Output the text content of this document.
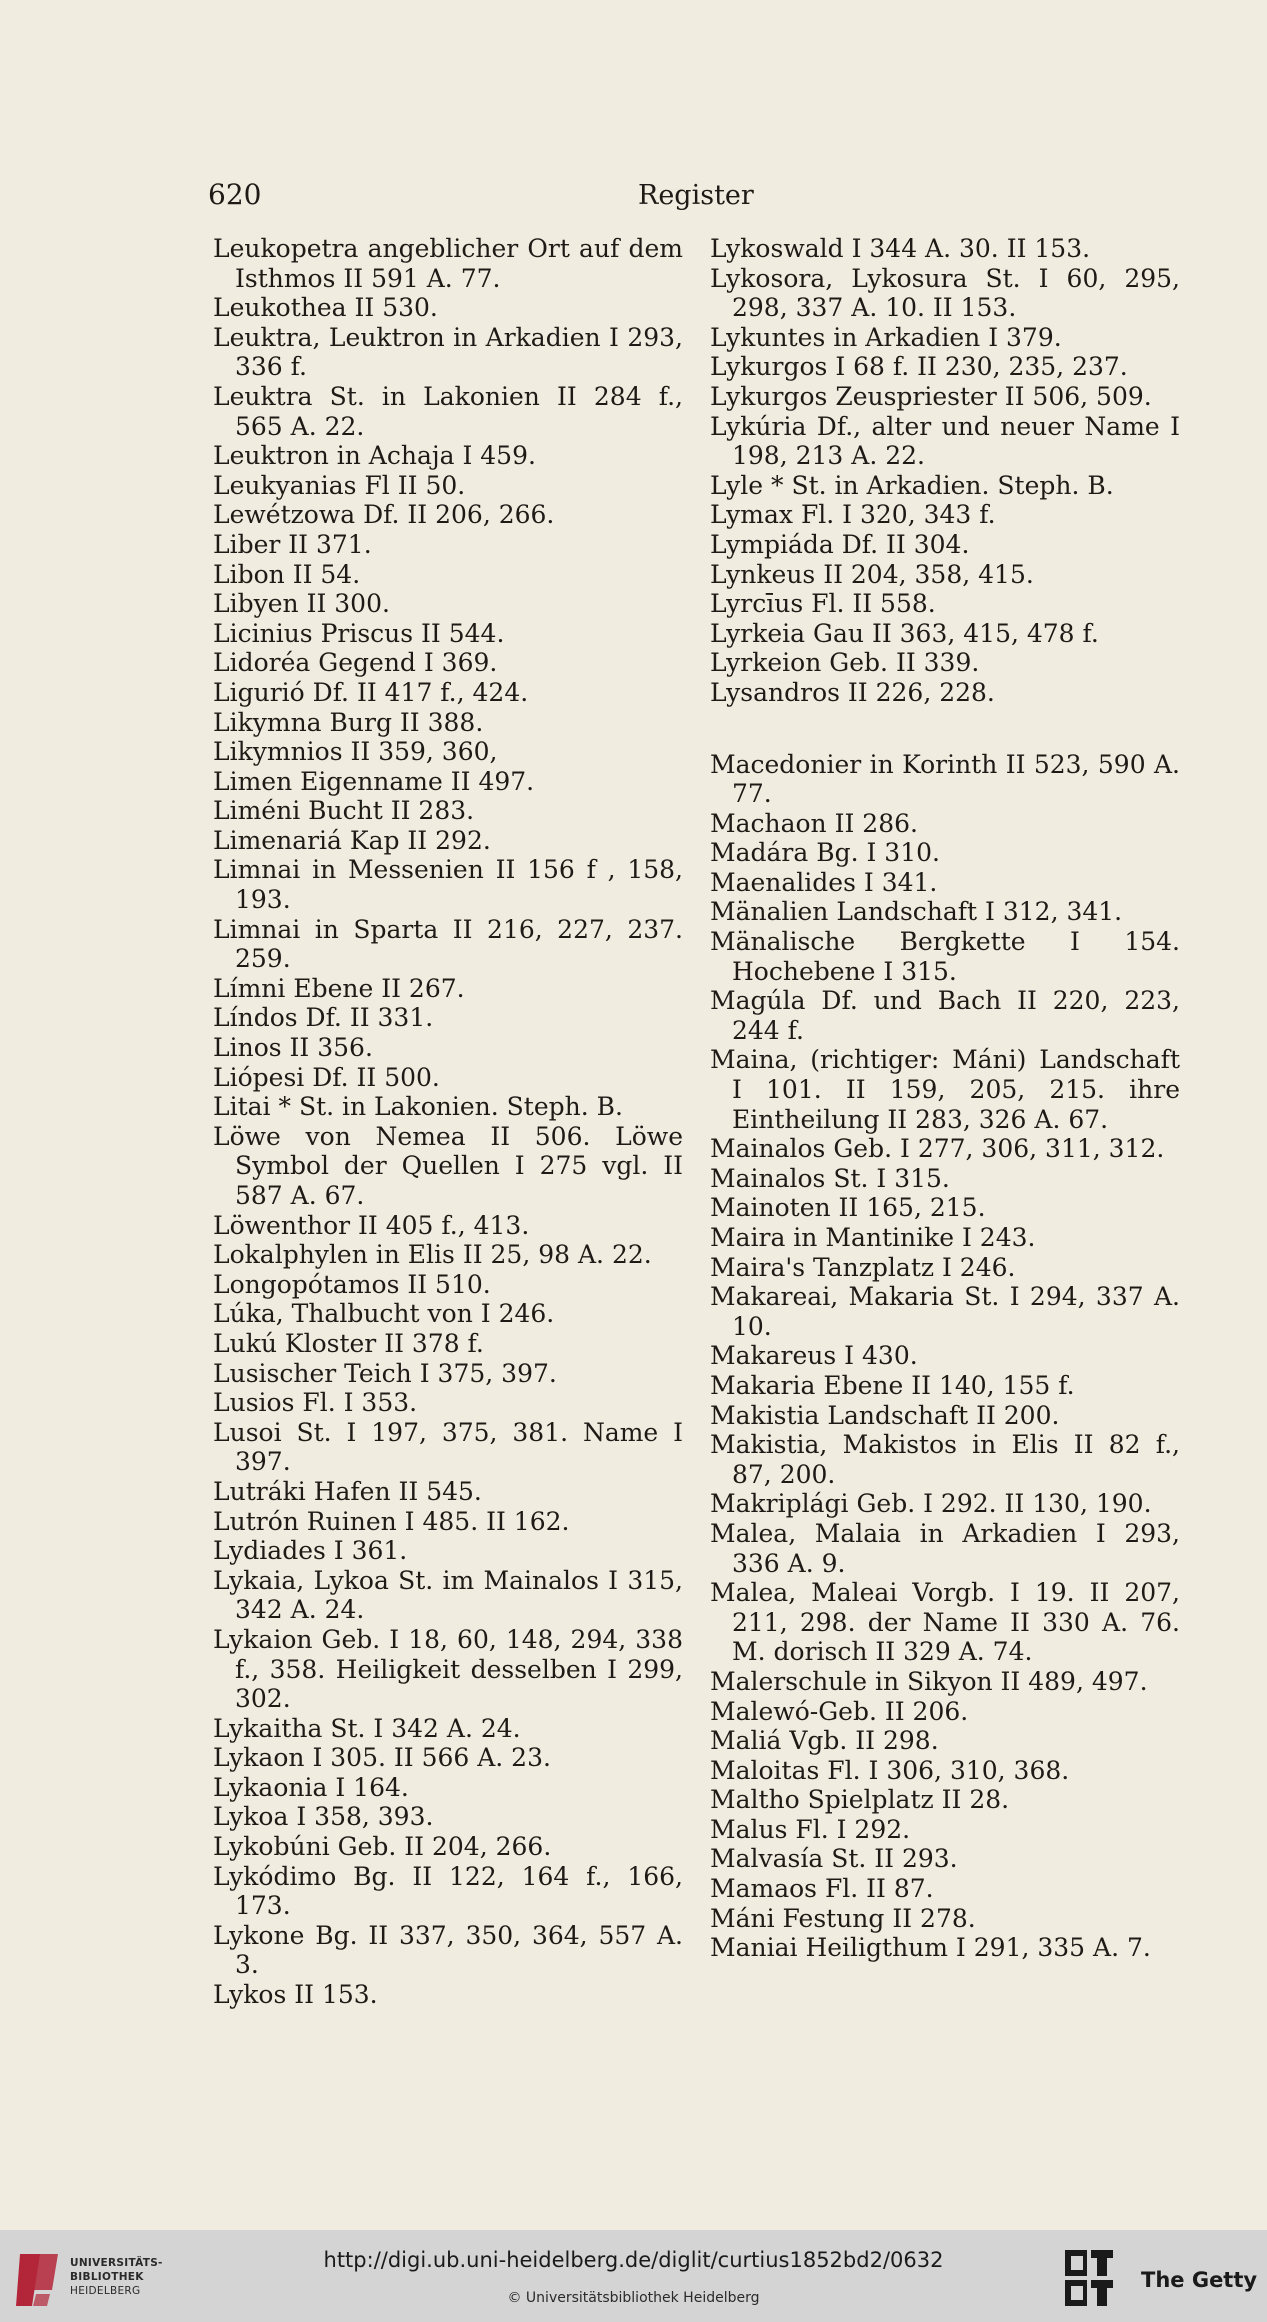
620	Register
Leukopetra angeblicher Ort auf dem Isthmos II 591 A. 77.
Leukothea II 530.
Leuktra, Leuktron in Arkadien I 293, 336 f.
Leuktra St. in Lakonien II 284 f., 565 A. 22.
Leuktron in Achaja I 459.
Leukyanias Fl II 50.
Lewétzowa Df. II 206, 266.
Liber II 371.
Libon II 54.
Libyen II 300.
Licinius Priscus II 544.
Lidoréa Gegend I 369.
Ligurió Df. II 417 f., 424.
Likymna Burg II 388.
Likymnios II 359, 360,
Limen Eigenname II 497.
Liméni Bucht II 283.
Limenariá Kap II 292.
Limnai in Messenien II 156 f , 158, 193.
Limnai in Sparta II 216, 227, 237. 259.
Límni Ebene II 267.
Líndos Df. II 331.
Linos II 356.
Liópesi Df. II 500.
Litai * St. in Lakonien. Steph. B.
Löwe von Nemea II 506. Löwe Symbol der Quellen I 275 vgl. II 587 A. 67.
Löwenthor II 405 f., 413.
Lokalphylen in Elis II 25, 98 A. 22.
Longopótamos II 510.
Lúka, Thalbucht von I 246.
Lukú Kloster II 378 f.
Lusischer Teich I 375, 397.
Lusios Fl. I 353.
Lusoi St. I 197, 375, 381. Name I 397.
Lutráki Hafen II 545.
Lutrón Ruinen I 485. II 162.
Lydiades I 361.
Lykaia, Lykoa St. im Mainalos I 315, 342 A. 24.
Lykaion Geb. I 18, 60, 148, 294, 338 f., 358. Heiligkeit desselben I 299, 302.
Lykaitha St. I 342 A. 24.
Lykaon I 305. II 566 A. 23.
Lykaonia I 164.
Lykoa I 358, 393.
Lykobúni Geb. II 204, 266.
Lykódimo Bg. II 122, 164 f., 166, 173.
Lykone Bg. II 337, 350, 364, 557 A. 3.
Lykos II 153.
Lykoswald I 344 A. 30. II 153.
Lykosora, Lykosura St. I 60, 295, 298, 337 A. 10. II 153.
Lykuntes in Arkadien I 379.
Lykurgos I 68 f. II 230, 235, 237.
Lykurgos Zeuspriester II 506, 509.
Lykúria Df., alter und neuer Name I 198, 213 A. 22.
Lyle * St. in Arkadien. Steph. B.
Lymax Fl. I 320, 343 f.
Lympiáda Df. II 304.
Lynkeus II 204, 358, 415.
Lyrcīus Fl. II 558.
Lyrkeia Gau II 363, 415, 478 f.
Lyrkeion Geb. II 339.
Lysandros II 226, 228.
Macedonier in Korinth II 523, 590 A. 77.
Machaon II 286.
Madára Bg. I 310.
Maenalides I 341.
Mänalien Landschaft I 312, 341.
Mänalische Bergkette I 154. Hochebene I 315.
Magúla Df. und Bach II 220, 223, 244 f.
Maina, (richtiger: Máni) Landschaft I 101. II 159, 205, 215. ihre Eintheilung II 283, 326 A. 67.
Mainalos Geb. I 277, 306, 311, 312.
Mainalos St. I 315.
Mainoten II 165, 215.
Maira in Mantinike I 243.
Maira's Tanzplatz I 246.
Makareai, Makaria St. I 294, 337 A. 10.
Makareus I 430.
Makaria Ebene II 140, 155 f.
Makistia Landschaft II 200.
Makistia, Makistos in Elis II 82 f., 87, 200.
Makriplági Geb. I 292. II 130, 190.
Malea, Malaia in Arkadien I 293, 336 A. 9.
Malea, Maleai Vorgb. I 19. II 207, 211, 298. der Name II 330 A. 76. M. dorisch II 329 A. 74.
Malerschule in Sikyon II 489, 497.
Malewó-Geb. II 206.
Maliá Vgb. II 298.
Maloitas Fl. I 306, 310, 368.
Maltho Spielplatz II 28.
Malus Fl. I 292.
Malvasía St. II 293.
Mamaos Fl. II 87.
Máni Festung II 278.
Maniai Heiligthum I 291, 335 A. 7.
UNIVERSITÄTS-
BIBLIOTHEK
HEIDELBERG
http://digi.ub.uni-heidelberg.de/diglit/curtius1852bd2/0632
© Universitätsbibliothek Heidelberg
The Getty
